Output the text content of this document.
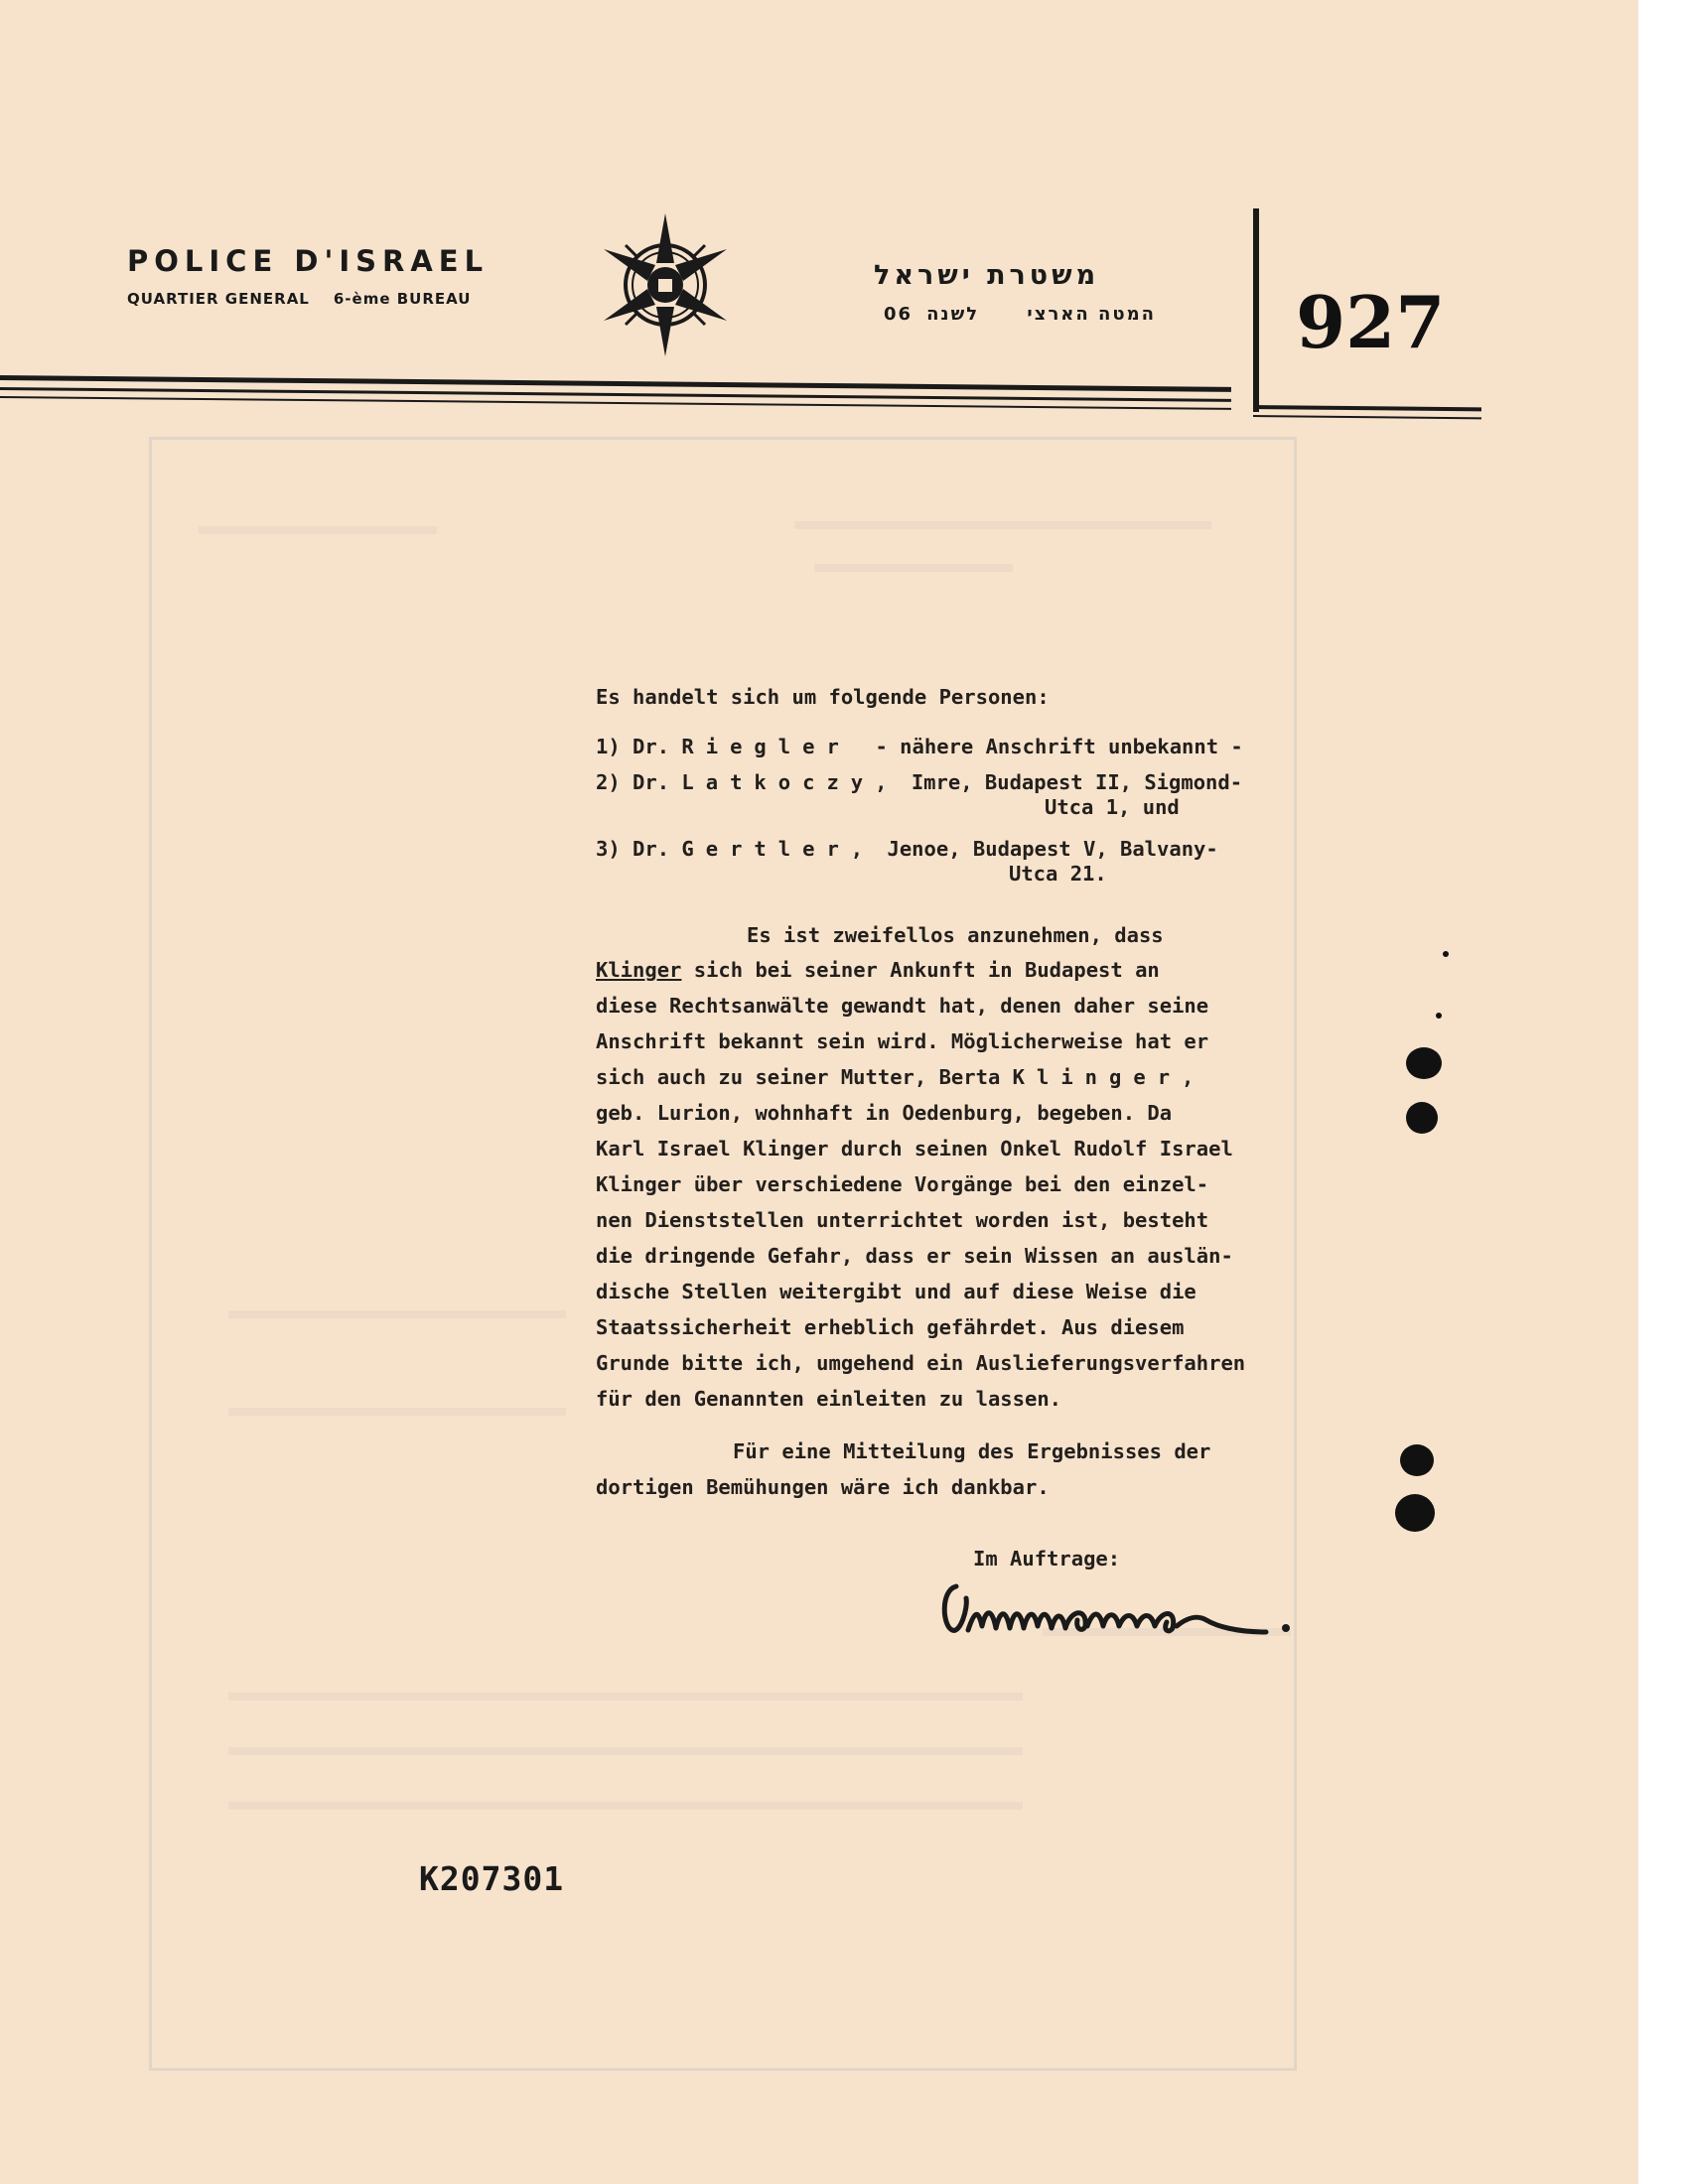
POLICE D'ISRAEL
QUARTIER GENERAL 6-ème BUREAU
משטרת ישראל
06 לשנה	המטה הארצי 927
Es handelt sich um folgende Personen:
1) Dr. Riegler - nähere Anschrift unbekannt -
2) Dr. Latkoczy, Imre, Budapest II, Sigmond-
Utca 1, und
3) Dr. Gertler, Jenoe, Budapest V, Balvany-
Utca 21.
Es ist zweifellos anzunehmen, dass
Klinger sich bei seiner Ankunft in Budapest an
diese Rechtsanwälte gewandt hat, denen daher seine
Anschrift bekannt sein wird. Möglicherweise hat er
sich auch zu seiner Mutter, Berta Klinger,
geb. Lurion, wohnhaft in Oedenburg, begeben. Da
Karl Israel Klinger durch seinen Onkel Rudolf Israel
Klinger über verschiedene Vorgänge bei den einzel-
nen Dienststellen unterrichtet worden ist, besteht
die dringende Gefahr, dass er sein Wissen an auslän-
dische Stellen weitergibt und auf diese Weise die
Staatssicherheit erheblich gefährdet. Aus diesem
Grunde bitte ich, umgehend ein Auslieferungsverfahren
für den Genannten einleiten zu lassen.
Für eine Mitteilung des Ergebnisses der
dortigen Bemühungen wäre ich dankbar.
Im Auftrage:
K207301
